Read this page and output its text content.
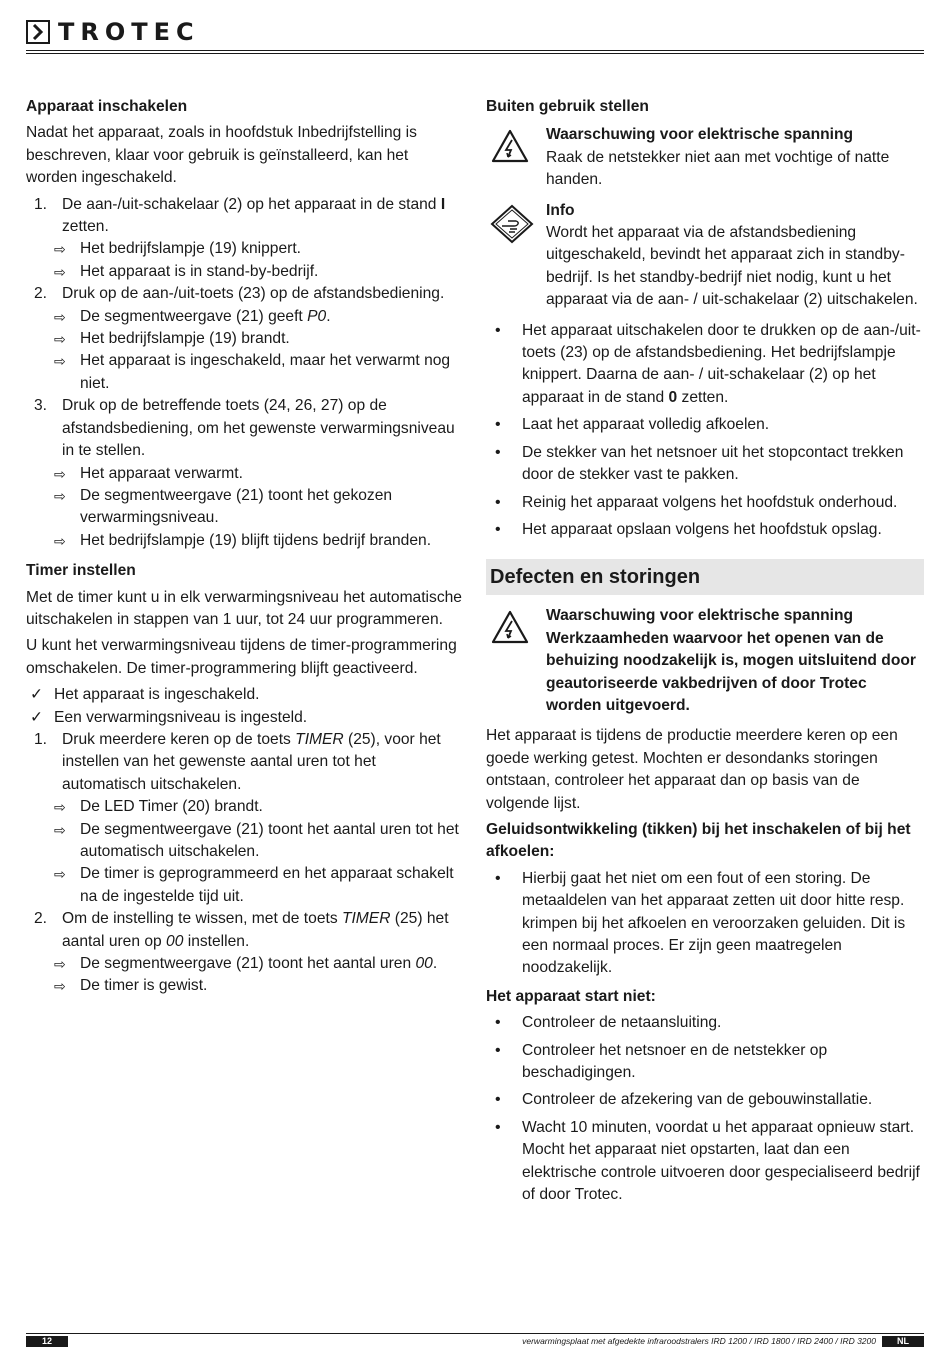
TROTEC
Apparaat inschakelen

Nadat het apparaat, zoals in hoofdstuk Inbedrijfstelling is beschreven, klaar voor gebruik is geïnstalleerd, kan het worden ingeschakeld.

1. De aan-/uit-schakelaar (2) op het apparaat in de stand I zetten.
⇨ Het bedrijfslampje (19) knippert.
⇨ Het apparaat is in stand-by-bedrijf.
2. Druk op de aan-/uit-toets (23) op de afstandsbediening.
⇨ De segmentweergave (21) geeft P0.
⇨ Het bedrijfslampje (19) brandt.
⇨ Het apparaat is ingeschakeld, maar het verwarmt nog niet.
3. Druk op de betreffende toets (24, 26, 27) op de afstandsbediening, om het gewenste verwarmingsniveau in te stellen.
⇨ Het apparaat verwarmt.
⇨ De segmentweergave (21) toont het gekozen verwarmingsniveau.
⇨ Het bedrijfslampje (19) blijft tijdens bedrijf branden.
Timer instellen

Met de timer kunt u in elk verwarmingsniveau het automatische uitschakelen in stappen van 1 uur, tot 24 uur programmeren.

U kunt het verwarmingsniveau tijdens de timer-programmering omschakelen. De timer-programmering blijft geactiveerd.

✓ Het apparaat is ingeschakeld.
✓ Een verwarmingsniveau is ingesteld.
1. Druk meerdere keren op de toets TIMER (25), voor het instellen van het gewenste aantal uren tot het automatisch uitschakelen.
⇨ De LED Timer (20) brandt.
⇨ De segmentweergave (21) toont het aantal uren tot het automatisch uitschakelen.
⇨ De timer is geprogrammeerd en het apparaat schakelt na de ingestelde tijd uit.
2. Om de instelling te wissen, met de toets TIMER (25) het aantal uren op 00 instellen.
⇨ De segmentweergave (21) toont het aantal uren 00.
⇨ De timer is gewist.
Buiten gebruik stellen
Waarschuwing voor elektrische spanning
Raak de netstekker niet aan met vochtige of natte handen.
Info
Wordt het apparaat via de afstandsbediening uitgeschakeld, bevindt het apparaat zich in standby-bedrijf. Is het standby-bedrijf niet nodig, kunt u het apparaat via de aan- / uit-schakelaar (2) uitschakelen.
• Het apparaat uitschakelen door te drukken op de aan-/uit-toets (23) op de afstandsbediening. Het bedrijfslampje knippert. Daarna de aan- / uit-schakelaar (2) op het apparaat in de stand 0 zetten.
• Laat het apparaat volledig afkoelen.
• De stekker van het netsnoer uit het stopcontact trekken door de stekker vast te pakken.
• Reinig het apparaat volgens het hoofdstuk onderhoud.
• Het apparaat opslaan volgens het hoofdstuk opslag.
Defecten en storingen
Waarschuwing voor elektrische spanning
Werkzaamheden waarvoor het openen van de behuizing noodzakelijk is, mogen uitsluitend door geautoriseerde vakbedrijven of door Trotec worden uitgevoerd.

Het apparaat is tijdens de productie meerdere keren op een goede werking getest. Mochten er desondanks storingen ontstaan, controleer het apparaat dan op basis van de volgende lijst.

Geluidsontwikkeling (tikken) bij het inschakelen of bij het afkoelen:
• Hierbij gaat het niet om een fout of een storing. De metaaldelen van het apparaat zetten uit door hitte resp. krimpen bij het afkoelen en veroorzaken geluiden. Dit is een normaal proces. Er zijn geen maatregelen noodzakelijk.
Het apparaat start niet:
• Controleer de netaansluiting.
• Controleer het netsnoer en de netstekker op beschadigingen.
• Controleer de afzekering van de gebouwinstallatie.
• Wacht 10 minuten, voordat u het apparaat opnieuw start. Mocht het apparaat niet opstarten, laat dan een elektrische controle uitvoeren door gespecialiseerd bedrijf of door Trotec.
12	verwarmingsplaat met afgedekte infraroodstralers IRD 1200 / IRD 1800 / IRD 2400 / IRD 3200	NL
